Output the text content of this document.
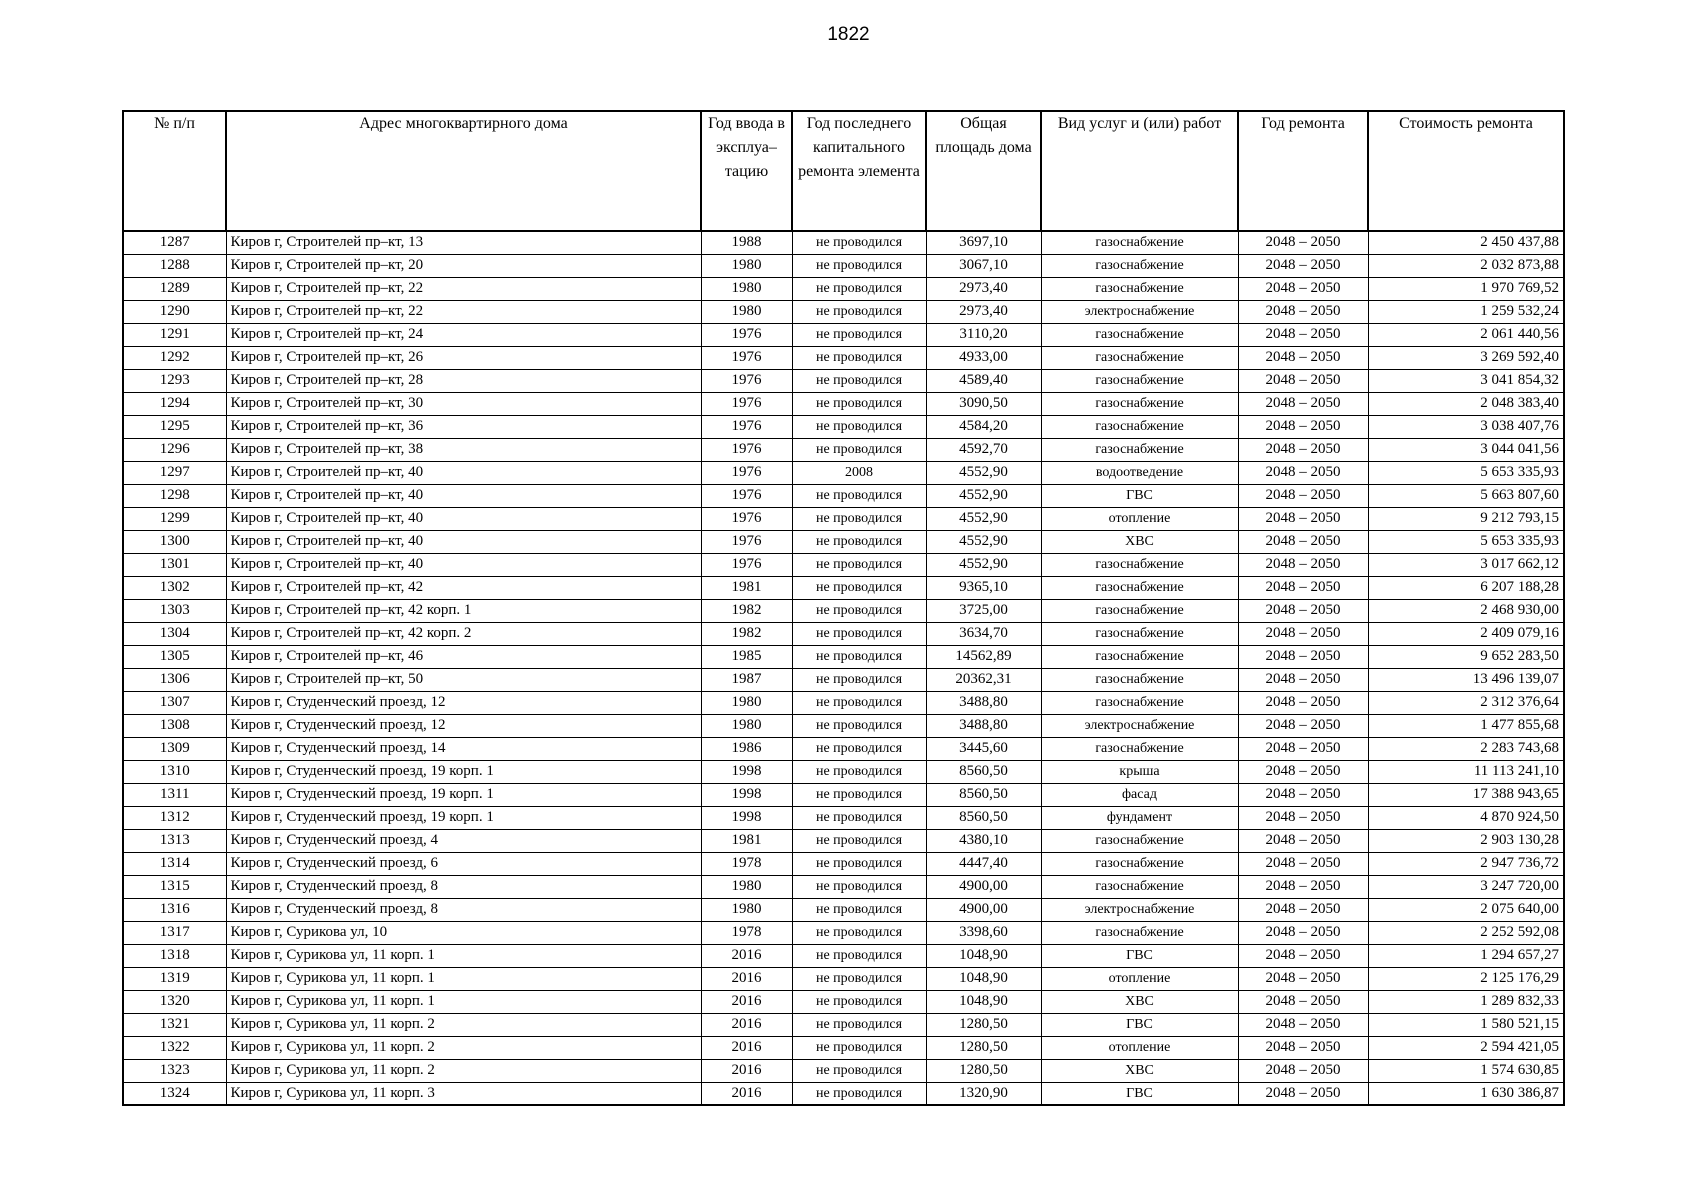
1822
№ п/п	Адрес многоквартирного дома	Год ввода в эксплуа– тацию	Год последнего капитального ремонта элемента	Общая площадь дома	Вид услуг и (или) работ	Год ремонта	Стоимость ремонта
1287	Киров г, Строителей пр–кт, 13	1988	не проводился	3697,10	газоснабжение	2048 – 2050	2 450 437,88
1288	Киров г, Строителей пр–кт, 20	1980	не проводился	3067,10	газоснабжение	2048 – 2050	2 032 873,88
1289	Киров г, Строителей пр–кт, 22	1980	не проводился	2973,40	газоснабжение	2048 – 2050	1 970 769,52
1290	Киров г, Строителей пр–кт, 22	1980	не проводился	2973,40	электроснабжение	2048 – 2050	1 259 532,24
1291	Киров г, Строителей пр–кт, 24	1976	не проводился	3110,20	газоснабжение	2048 – 2050	2 061 440,56
1292	Киров г, Строителей пр–кт, 26	1976	не проводился	4933,00	газоснабжение	2048 – 2050	3 269 592,40
1293	Киров г, Строителей пр–кт, 28	1976	не проводился	4589,40	газоснабжение	2048 – 2050	3 041 854,32
1294	Киров г, Строителей пр–кт, 30	1976	не проводился	3090,50	газоснабжение	2048 – 2050	2 048 383,40
1295	Киров г, Строителей пр–кт, 36	1976	не проводился	4584,20	газоснабжение	2048 – 2050	3 038 407,76
1296	Киров г, Строителей пр–кт, 38	1976	не проводился	4592,70	газоснабжение	2048 – 2050	3 044 041,56
1297	Киров г, Строителей пр–кт, 40	1976	2008	4552,90	водоотведение	2048 – 2050	5 653 335,93
1298	Киров г, Строителей пр–кт, 40	1976	не проводился	4552,90	ГВС	2048 – 2050	5 663 807,60
1299	Киров г, Строителей пр–кт, 40	1976	не проводился	4552,90	отопление	2048 – 2050	9 212 793,15
1300	Киров г, Строителей пр–кт, 40	1976	не проводился	4552,90	ХВС	2048 – 2050	5 653 335,93
1301	Киров г, Строителей пр–кт, 40	1976	не проводился	4552,90	газоснабжение	2048 – 2050	3 017 662,12
1302	Киров г, Строителей пр–кт, 42	1981	не проводился	9365,10	газоснабжение	2048 – 2050	6 207 188,28
1303	Киров г, Строителей пр–кт, 42 корп. 1	1982	не проводился	3725,00	газоснабжение	2048 – 2050	2 468 930,00
1304	Киров г, Строителей пр–кт, 42 корп. 2	1982	не проводился	3634,70	газоснабжение	2048 – 2050	2 409 079,16
1305	Киров г, Строителей пр–кт, 46	1985	не проводился	14562,89	газоснабжение	2048 – 2050	9 652 283,50
1306	Киров г, Строителей пр–кт, 50	1987	не проводился	20362,31	газоснабжение	2048 – 2050	13 496 139,07
1307	Киров г, Студенческий проезд, 12	1980	не проводился	3488,80	газоснабжение	2048 – 2050	2 312 376,64
1308	Киров г, Студенческий проезд, 12	1980	не проводился	3488,80	электроснабжение	2048 – 2050	1 477 855,68
1309	Киров г, Студенческий проезд, 14	1986	не проводился	3445,60	газоснабжение	2048 – 2050	2 283 743,68
1310	Киров г, Студенческий проезд, 19 корп. 1	1998	не проводился	8560,50	крыша	2048 – 2050	11 113 241,10
1311	Киров г, Студенческий проезд, 19 корп. 1	1998	не проводился	8560,50	фасад	2048 – 2050	17 388 943,65
1312	Киров г, Студенческий проезд, 19 корп. 1	1998	не проводился	8560,50	фундамент	2048 – 2050	4 870 924,50
1313	Киров г, Студенческий проезд, 4	1981	не проводился	4380,10	газоснабжение	2048 – 2050	2 903 130,28
1314	Киров г, Студенческий проезд, 6	1978	не проводился	4447,40	газоснабжение	2048 – 2050	2 947 736,72
1315	Киров г, Студенческий проезд, 8	1980	не проводился	4900,00	газоснабжение	2048 – 2050	3 247 720,00
1316	Киров г, Студенческий проезд, 8	1980	не проводился	4900,00	электроснабжение	2048 – 2050	2 075 640,00
1317	Киров г, Сурикова ул, 10	1978	не проводился	3398,60	газоснабжение	2048 – 2050	2 252 592,08
1318	Киров г, Сурикова ул, 11 корп. 1	2016	не проводился	1048,90	ГВС	2048 – 2050	1 294 657,27
1319	Киров г, Сурикова ул, 11 корп. 1	2016	не проводился	1048,90	отопление	2048 – 2050	2 125 176,29
1320	Киров г, Сурикова ул, 11 корп. 1	2016	не проводился	1048,90	ХВС	2048 – 2050	1 289 832,33
1321	Киров г, Сурикова ул, 11 корп. 2	2016	не проводился	1280,50	ГВС	2048 – 2050	1 580 521,15
1322	Киров г, Сурикова ул, 11 корп. 2	2016	не проводился	1280,50	отопление	2048 – 2050	2 594 421,05
1323	Киров г, Сурикова ул, 11 корп. 2	2016	не проводился	1280,50	ХВС	2048 – 2050	1 574 630,85
1324	Киров г, Сурикова ул, 11 корп. 3	2016	не проводился	1320,90	ГВС	2048 – 2050	1 630 386,87
